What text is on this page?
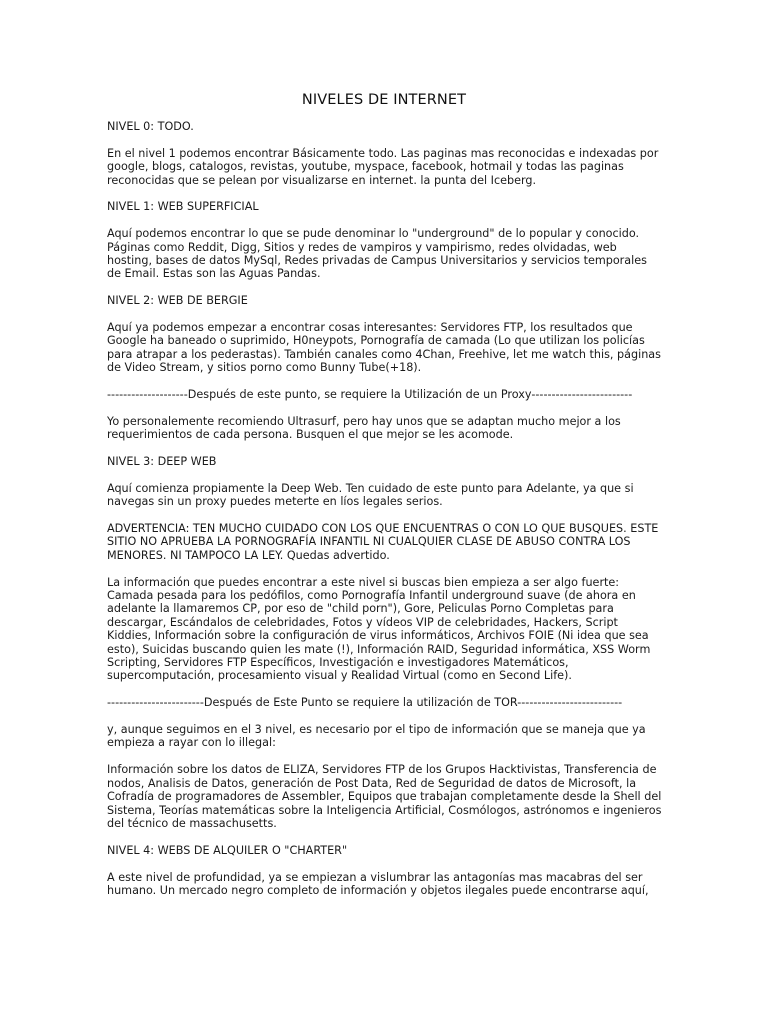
NIVELES DE INTERNET

NIVEL 0: TODO.

En el nivel 1 podemos encontrar Básicamente todo. Las paginas mas reconocidas e indexadas por google, blogs, catalogos, revistas, youtube, myspace, facebook, hotmail y todas las paginas reconocidas que se pelean por visualizarse en internet. la punta del Iceberg.

NIVEL 1: WEB SUPERFICIAL

Aquí podemos encontrar lo que se pude denominar lo "underground" de lo popular y conocido. Páginas como Reddit, Digg, Sitios y redes de vampiros y vampirismo, redes olvidadas, web hosting, bases de datos MySql, Redes privadas de Campus Universitarios y servicios temporales de Email. Estas son las Aguas Pandas.

NIVEL 2: WEB DE BERGIE

Aquí ya podemos empezar a encontrar cosas interesantes: Servidores FTP, los resultados que Google ha baneado o suprimido, H0neypots, Pornografía de camada (Lo que utilizan los policías para atrapar a los pederastas). También canales como 4Chan, Freehive, let me watch this, páginas de Video Stream, y sitios porno como Bunny Tube(+18).

--------------------Después de este punto, se requiere la Utilización de un Proxy-------------------------

Yo personalemente recomiendo Ultrasurf, pero hay unos que se adaptan mucho mejor a los requerimientos de cada persona. Busquen el que mejor se les acomode.

NIVEL 3: DEEP WEB

Aquí comienza propiamente la Deep Web. Ten cuidado de este punto para Adelante, ya que si navegas sin un proxy puedes meterte en líos legales serios.

ADVERTENCIA: TEN MUCHO CUIDADO CON LOS QUE ENCUENTRAS O CON LO QUE BUSQUES. ESTE SITIO NO APRUEBA LA PORNOGRAFÍA INFANTIL NI CUALQUIER CLASE DE ABUSO CONTRA LOS MENORES. NI TAMPOCO LA LEY. Quedas advertido.

La información que puedes encontrar a este nivel si buscas bien empieza a ser algo fuerte: Camada pesada para los pedófilos, como Pornografía Infantil underground suave (de ahora en adelante la llamaremos CP, por eso de "child porn"), Gore, Peliculas Porno Completas para descargar, Escándalos de celebridades, Fotos y vídeos VIP de celebridades, Hackers, Script Kiddies, Información sobre la configuración de virus informáticos, Archivos FOIE (Ni idea que sea esto), Suicidas buscando quien les mate (!), Información RAID, Seguridad informática, XSS Worm Scripting, Servidores FTP Específicos, Investigación e investigadores Matemáticos, supercomputación, procesamiento visual y Realidad Virtual (como en Second Life).

------------------------Después de Este Punto se requiere la utilización de TOR--------------------------

y, aunque seguimos en el 3 nivel, es necesario por el tipo de información que se maneja que ya empieza a rayar con lo illegal:

Información sobre los datos de ELIZA, Servidores FTP de los Grupos Hacktivistas, Transferencia de nodos, Analisis de Datos, generación de Post Data, Red de Seguridad de datos de Microsoft, la Cofradía de programadores de Assembler, Equipos que trabajan completamente desde la Shell del Sistema, Teorías matemáticas sobre la Inteligencia Artificial, Cosmólogos, astrónomos e ingenieros del técnico de massachusetts.

NIVEL 4: WEBS DE ALQUILER O "CHARTER"

A este nivel de profundidad, ya se empiezan a vislumbrar las antagonías mas macabras del ser humano. Un mercado negro completo de información y objetos ilegales puede encontrarse aquí,
